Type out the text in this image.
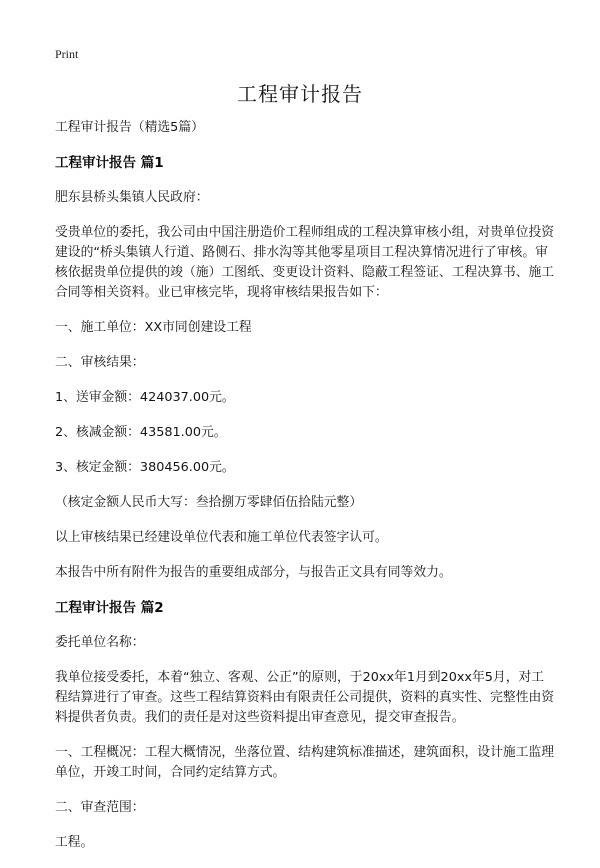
Print
工程审计报告

工程审计报告（精选5篇）

工程审计报告 篇1

肥东县桥头集镇人民政府：

受贵单位的委托，我公司由中国注册造价工程师组成的工程决算审核小组，对贵单位投资建设的“桥头集镇人行道、路侧石、排水沟等其他零星项目工程决算情况进行了审核。审核依据贵单位提供的竣（施）工图纸、变更设计资料、隐蔽工程签证、工程决算书、施工合同等相关资料。业已审核完毕，现将审核结果报告如下：

一、施工单位：XX市同创建设工程

二、审核结果：

1、送审金额：424037.00元。

2、核减金额：43581.00元。

3、核定金额：380456.00元。

（核定金额人民币大写：叁拾捌万零肆佰伍拾陆元整）

以上审核结果已经建设单位代表和施工单位代表签字认可。

本报告中所有附件为报告的重要组成部分，与报告正文具有同等效力。

工程审计报告 篇2

委托单位名称：

我单位接受委托，本着“独立、客观、公正”的原则，于20xx年1月到20xx年5月，对工程结算进行了审查。这些工程结算资料由有限责任公司提供，资料的真实性、完整性由资料提供者负责。我们的责任是对这些资料提出审查意见，提交审查报告。

一、工程概况：工程大概情况，坐落位置、结构建筑标准描述，建筑面积，设计施工监理单位，开竣工时间，合同约定结算方式。

二、审查范围：

工程。
